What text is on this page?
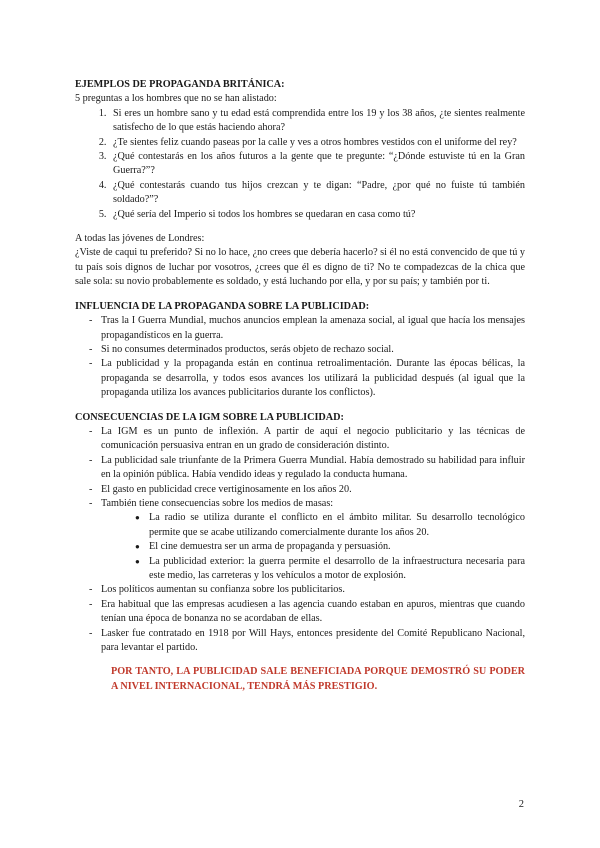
EJEMPLOS DE PROPAGANDA BRITÁNICA:

5 preguntas a los hombres que no se han alistado:

1. Si eres un hombre sano y tu edad está comprendida entre los 19 y los 38 años, ¿te sientes realmente satisfecho de lo que estás haciendo ahora?
2. ¿Te sientes feliz cuando paseas por la calle y ves a otros hombres vestidos con el uniforme del rey?
3. ¿Qué contestarás en los años futuros a la gente que te pregunte: “¿Dónde estuviste tú en la Gran Guerra?”?
4. ¿Qué contestarás cuando tus hijos crezcan y te digan: “Padre, ¿por qué no fuiste tú también soldado?”?
5. ¿Qué sería del Imperio si todos los hombres se quedaran en casa como tú?

A todas las jóvenes de Londres:

¿Viste de caqui tu preferido? Si no lo hace, ¿no crees que debería hacerlo? si él no está convencido de que tú y tu país sois dignos de luchar por vosotros, ¿crees que él es digno de ti? No te compadezcas de la chica que sale sola: su novio probablemente es soldado, y está luchando por ella, y por su país; y también por ti.

INFLUENCIA DE LA PROPAGANDA SOBRE LA PUBLICIDAD:

- Tras la I Guerra Mundial, muchos anuncios emplean la amenaza social, al igual que hacía los mensajes propagandísticos en la guerra.
- Si no consumes determinados productos, serás objeto de rechazo social.
- La publicidad y la propaganda están en continua retroalimentación. Durante las épocas bélicas, la propaganda se desarrolla, y todos esos avances los utilizará la publicidad después (al igual que la propaganda utiliza los avances publicitarios durante los conflictos).

CONSECUENCIAS DE LA IGM SOBRE LA PUBLICIDAD:

- La IGM es un punto de inflexión. A partir de aquí el negocio publicitario y las técnicas de comunicación persuasiva entran en un grado de consideración distinto.
- La publicidad sale triunfante de la Primera Guerra Mundial. Había demostrado su habilidad para influir en la opinión pública. Había vendido ideas y regulado la conducta humana.
- El gasto en publicidad crece vertiginosamente en los años 20.
- También tiene consecuencias sobre los medios de masas:
● La radio se utiliza durante el conflicto en el ámbito militar. Su desarrollo tecnológico permite que se acabe utilizando comercialmente durante los años 20.
● El cine demuestra ser un arma de propaganda y persuasión.
● La publicidad exterior: la guerra permite el desarrollo de la infraestructura necesaria para este medio, las carreteras y los vehículos a motor de explosión.
- Los políticos aumentan su confianza sobre los publicitarios.
- Era habitual que las empresas acudiesen a las agencia cuando estaban en apuros, mientras que cuando tenían una época de bonanza no se acordaban de ellas.
- Lasker fue contratado en 1918 por Will Hays, entonces presidente del Comité Republicano Nacional, para levantar el partido.

POR TANTO, LA PUBLICIDAD SALE BENEFICIADA PORQUE DEMOSTRÓ SU PODER A NIVEL INTERNACIONAL, TENDRÁ MÁS PRESTIGIO.

2
